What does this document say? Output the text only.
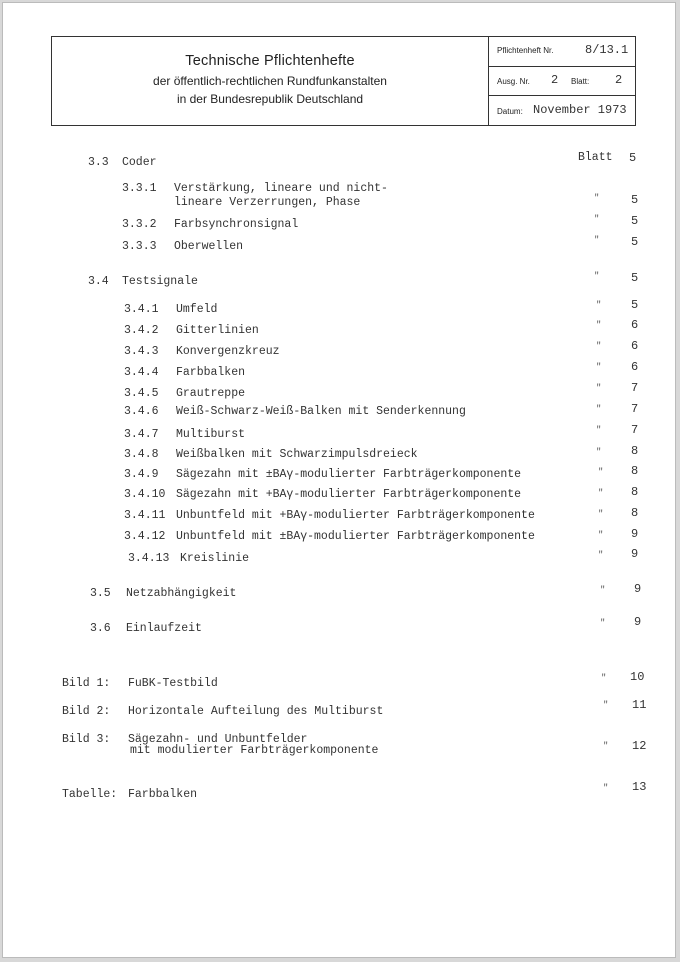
Technische Pflichtenhefte
der öffentlich-rechtlichen Rundfunkanstalten
in der Bundesrepublik Deutschland
Pflichtenheft Nr.	8/13.1
Ausg. Nr. 2 Blatt: 2
Datum: November 1973
Blatt
3.3 Coder	5
3.3.1 Verstärkung, lineare und nicht-
lineare Verzerrungen, Phase	"	5
3.3.2 Farbsynchronsignal	"	5
3.3.3 Oberwellen	"	5
3.4 Testsignale	"	5
3.4.1 Umfeld	" 5
3.4.2 Gitterlinien	" 6
3.4.3 Konvergenzkreuz	" 6
3.4.4 Farbbalken	" 6
3.4.5 Grautreppe	" 7
3.4.6 Weiß-Schwarz-Weiß-Balken mit Senderkennung	" 7
3.4.7 Multiburst	" 7
3.4.8 Weißbalken mit Schwarzimpulsdreieck	" 8
3.4.9 Sägezahn mit ±BAγ-modulierter Farbträgerkomponente	" 8
3.4.10 Sägezahn mit +BAγ-modulierter Farbträgerkomponente	" 8
3.4.11 Unbuntfeld mit +BAγ-modulierter Farbträgerkomponente	" 8
3.4.12 Unbuntfeld mit ±BAγ-modulierter Farbträgerkomponente	" 9
3.4.13 Kreislinie	" 9
3.5 Netzabhängigkeit	" 9
3.6 Einlaufzeit	" 9
Bild 1: FuBK-Testbild	" 10
Bild 2: Horizontale Aufteilung des Multiburst	" 11
Bild 3: Sägezahn- und Unbuntfelder
mit modulierter Farbträgerkomponente	" 12
Tabelle: Farbbalken	" 13
